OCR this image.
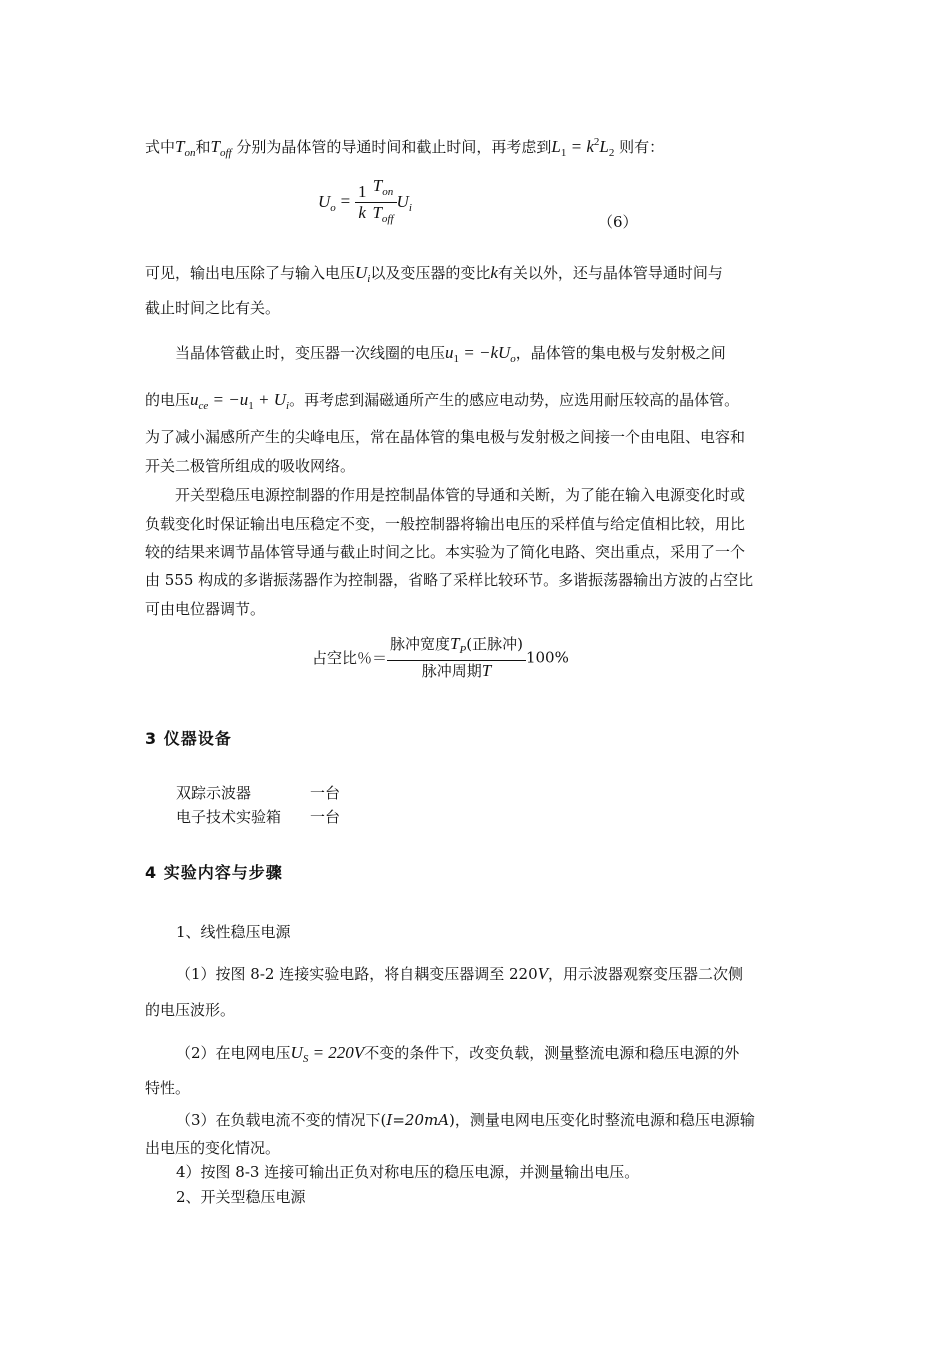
式中$T_{on}$和$T_{off}$ 分别为晶体管的导通时间和截止时间，再考虑到$L_1 = k^2L_2$ 则有：
$U_o = \frac{1}{k} \frac{T_{on}}{T_{off}} U_i$
（6）
可见，输出电压除了与输入电压$U_i$以及变压器的变比k有关以外，还与晶体管导通时间与
截止时间之比有关。
当晶体管截止时，变压器一次线圈的电压$u_1 = -kU_o$，晶体管的集电极与发射极之间
的电压$u_{ce} = -u_1 + U_i$。再考虑到漏磁通所产生的感应电动势，应选用耐压较高的晶体管。
为了减小漏感所产生的尖峰电压，常在晶体管的集电极与发射极之间接一个由电阻、电容和
开关二极管所组成的吸收网络。
开关型稳压电源控制器的作用是控制晶体管的导通和关断，为了能在输入电源变化时或
负载变化时保证输出电压稳定不变，一般控制器将输出电压的采样值与给定值相比较，用比
较的结果来调节晶体管导通与截止时间之比。本实验为了简化电路、突出重点，采用了一个
由 555 构成的多谐振荡器作为控制器，省略了采样比较环节。多谐振荡器输出方波的占空比
可由电位器调节。
占空比％＝ $\frac{脉冲宽度T_P(正脉冲)}{\text{脉冲周期T}} 100\%$
3 仪器设备
双踪示波器	一台
电子技术实验箱 一台
4 实验内容与步骤
1、线性稳压电源
（1）按图 8-2 连接实验电路，将自耦变压器调至 220V，用示波器观察变压器二次侧
的电压波形。
（2）在电网电压$U_S = 220V$不变的条件下，改变负载，测量整流电源和稳压电源的外
特性。
（3）在负载电流不变的情况下(I=20mA)，测量电网电压变化时整流电源和稳压电源输
出电压的变化情况。
4）按图 8-3 连接可输出正负对称电压的稳压电源，并测量输出电压。
2、开关型稳压电源
